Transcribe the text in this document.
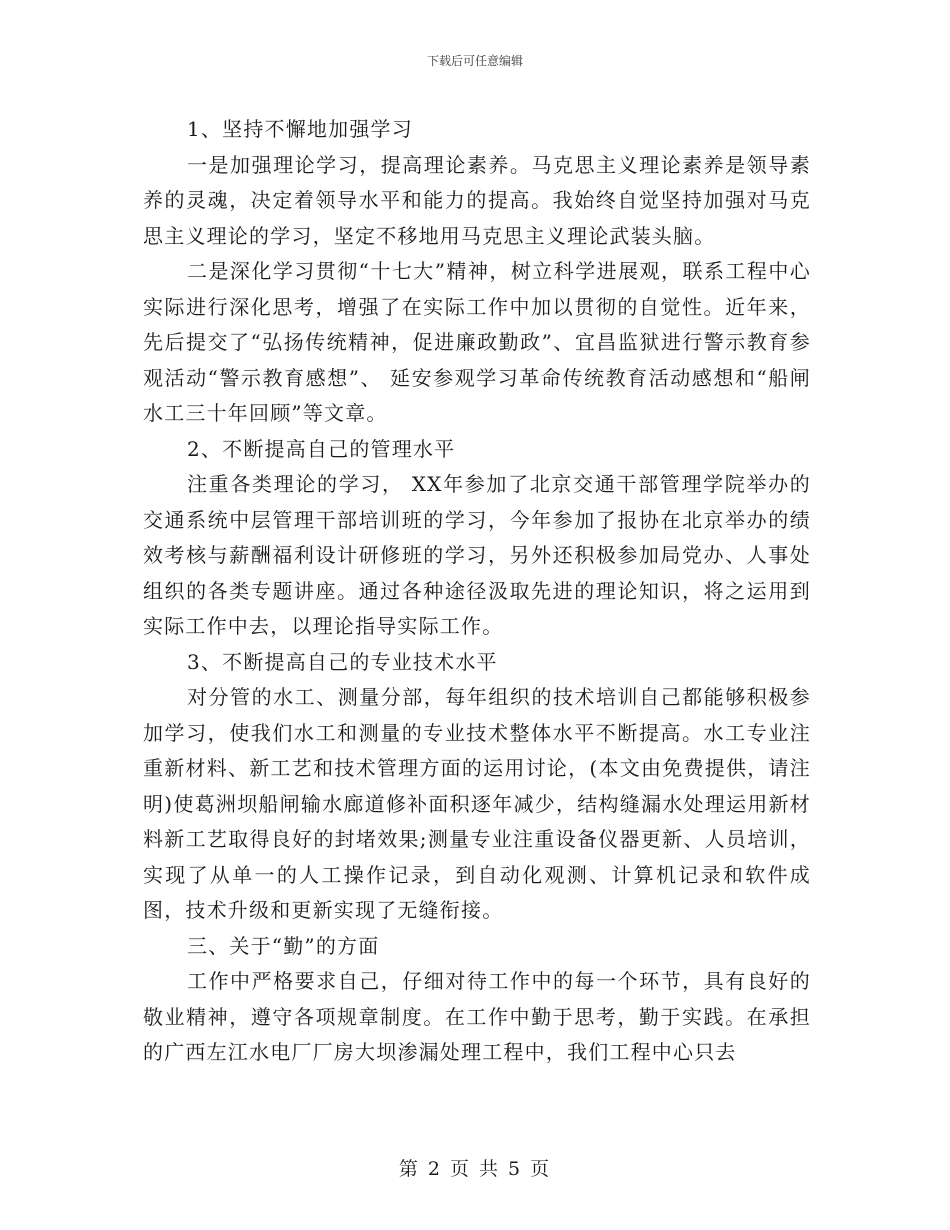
下载后可任意编辑

1、坚持不懈地加强学习

一是加强理论学习，提高理论素养。马克思主义理论素养是领导素养的灵魂，决定着领导水平和能力的提高。我始终自觉坚持加强对马克思主义理论的学习，坚定不移地用马克思主义理论武装头脑。

二是深化学习贯彻“十七大”精神，树立科学进展观，联系工程中心实际进行深化思考，增强了在实际工作中加以贯彻的自觉性。近年来，先后提交了“弘扬传统精神，促进廉政勤政”、宜昌监狱进行警示教育参观活动“警示教育感想”、 延安参观学习革命传统教育活动感想和“船闸水工三十年回顾”等文章。

2、不断提高自己的管理水平

注重各类理论的学习， XX年参加了北京交通干部管理学院举办的交通系统中层管理干部培训班的学习，今年参加了报协在北京举办的绩效考核与薪酬福利设计研修班的学习，另外还积极参加局党办、人事处组织的各类专题讲座。通过各种途径汲取先进的理论知识，将之运用到实际工作中去，以理论指导实际工作。

3、不断提高自己的专业技术水平

对分管的水工、测量分部，每年组织的技术培训自己都能够积极参加学习，使我们水工和测量的专业技术整体水平不断提高。水工专业注重新材料、新工艺和技术管理方面的运用讨论，(本文由免费提供，请注明)使葛洲坝船闸输水廊道修补面积逐年减少，结构缝漏水处理运用新材料新工艺取得良好的封堵效果;测量专业注重设备仪器更新、人员培训，实现了从单一的人工操作记录，到自动化观测、计算机记录和软件成图，技术升级和更新实现了无缝衔接。

三、关于“勤”的方面

工作中严格要求自己，仔细对待工作中的每一个环节，具有良好的敬业精神，遵守各项规章制度。在工作中勤于思考，勤于实践。在承担的广西左江水电厂厂房大坝渗漏处理工程中，我们工程中心只去

第 2 页 共 5 页
